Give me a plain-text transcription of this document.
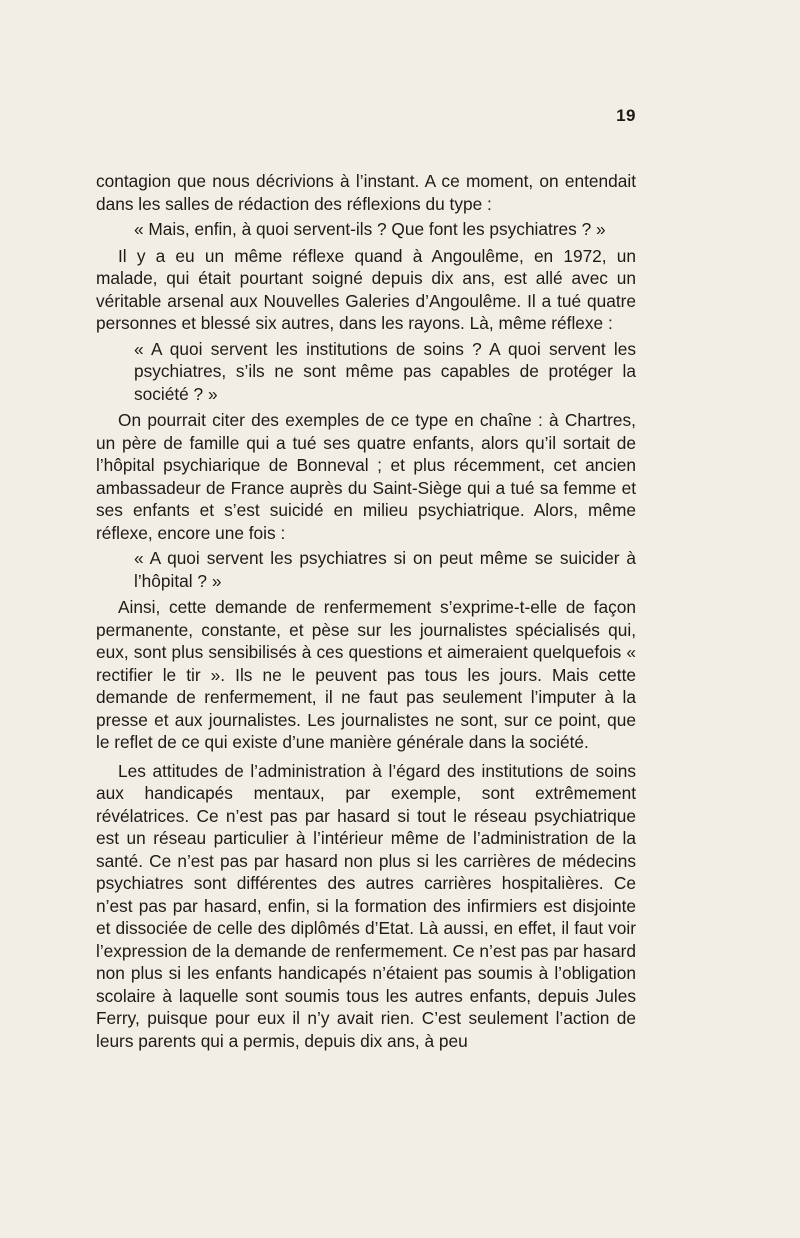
19

contagion que nous décrivions à l’instant. A ce moment, on entendait dans les salles de rédaction des réflexions du type :

« Mais, enfin, à quoi servent-ils ? Que font les psychiatres ? »

Il y a eu un même réflexe quand à Angoulême, en 1972, un malade, qui était pourtant soigné depuis dix ans, est allé avec un véritable arsenal aux Nouvelles Galeries d’Angoulême. Il a tué quatre personnes et blessé six autres, dans les rayons. Là, même réflexe :

« A quoi servent les institutions de soins ? A quoi servent les psychiatres, s’ils ne sont même pas capables de protéger la société ? »

On pourrait citer des exemples de ce type en chaîne : à Chartres, un père de famille qui a tué ses quatre enfants, alors qu’il sortait de l’hôpital psychiarique de Bonneval ; et plus récemment, cet ancien ambassadeur de France auprès du Saint-Siège qui a tué sa femme et ses enfants et s’est suicidé en milieu psychiatrique. Alors, même réflexe, encore une fois :

« A quoi servent les psychiatres si on peut même se suicider à l’hôpital ? »

Ainsi, cette demande de renfermement s’exprime-t-elle de façon permanente, constante, et pèse sur les journalistes spécialisés qui, eux, sont plus sensibilisés à ces questions et aimeraient quelquefois « rectifier le tir ». Ils ne le peuvent pas tous les jours. Mais cette demande de renfermement, il ne faut pas seulement l’imputer à la presse et aux journalistes. Les journalistes ne sont, sur ce point, que le reflet de ce qui existe d’une manière générale dans la société.

Les attitudes de l’administration à l’égard des institutions de soins aux handicapés mentaux, par exemple, sont extrêmement révélatrices. Ce n’est pas par hasard si tout le réseau psychiatrique est un réseau particulier à l’intérieur même de l’administration de la santé. Ce n’est pas par hasard non plus si les carrières de médecins psychiatres sont différentes des autres carrières hospitalières. Ce n’est pas par hasard, enfin, si la formation des infirmiers est disjointe et dissociée de celle des diplômés d’Etat. Là aussi, en effet, il faut voir l’expression de la demande de renfermement. Ce n’est pas par hasard non plus si les enfants handicapés n’étaient pas soumis à l’obligation scolaire à laquelle sont soumis tous les autres enfants, depuis Jules Ferry, puisque pour eux il n’y avait rien. C’est seulement l’action de leurs parents qui a permis, depuis dix ans, à peu
